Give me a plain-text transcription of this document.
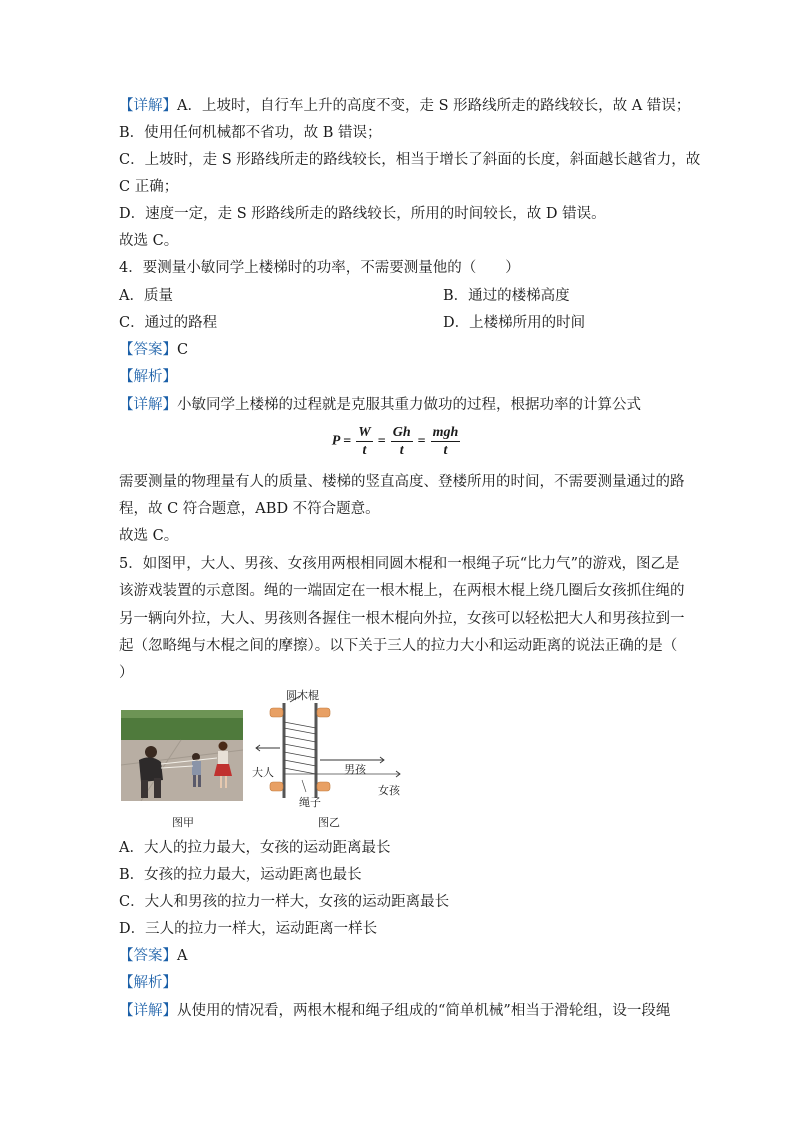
【详解】A．上坡时，自行车上升的高度不变，走 S 形路线所走的路线较长，故 A 错误；
B．使用任何机械都不省功，故 B 错误；
C．上坡时，走 S 形路线所走的路线较长，相当于增长了斜面的长度，斜面越长越省力，故
C 正确；
D．速度一定，走 S 形路线所走的路线较长，所用的时间较长，故 D 错误。
故选 C。
4．要测量小敏同学上楼梯时的功率，不需要测量他的（　　）
A．质量	B．通过的楼梯高度
C．通过的路程	D．上楼梯所用的时间
【答案】C
【解析】
【详解】小敏同学上楼梯的过程就是克服其重力做功的过程，根据功率的计算公式
$P = \frac{W}{t} = \frac{Gh}{t} = \frac{\text{mgh}}{t}$
需要测量的物理量有人的质量、楼梯的竖直高度、登楼所用的时间，不需要测量通过的路
程，故 C 符合题意，ABD 不符合题意。
故选 C。
5．如图甲，大人、男孩、女孩用两根相同圆木棍和一根绳子玩“比力气”的游戏，图乙是
该游戏装置的示意图。绳的一端固定在一根木棍上，在两根木棍上绕几圈后女孩抓住绳的
另一辆向外拉，大人、男孩则各握住一根木棍向外拉，女孩可以轻松把大人和男孩拉到一
起（忽略绳与木棍之间的摩擦）。以下关于三人的拉力大小和运动距离的说法正确的是（
）
圆木棍
大人	男孩
女孩
绳子
图甲	图乙
A．大人的拉力最大，女孩的运动距离最长
B．女孩的拉力最大，运动距离也最长
C．大人和男孩的拉力一样大，女孩的运动距离最长
D．三人的拉力一样大，运动距离一样长
【答案】A
【解析】
【详解】从使用的情况看，两根木棍和绳子组成的“简单机械”相当于滑轮组，设一段绳
